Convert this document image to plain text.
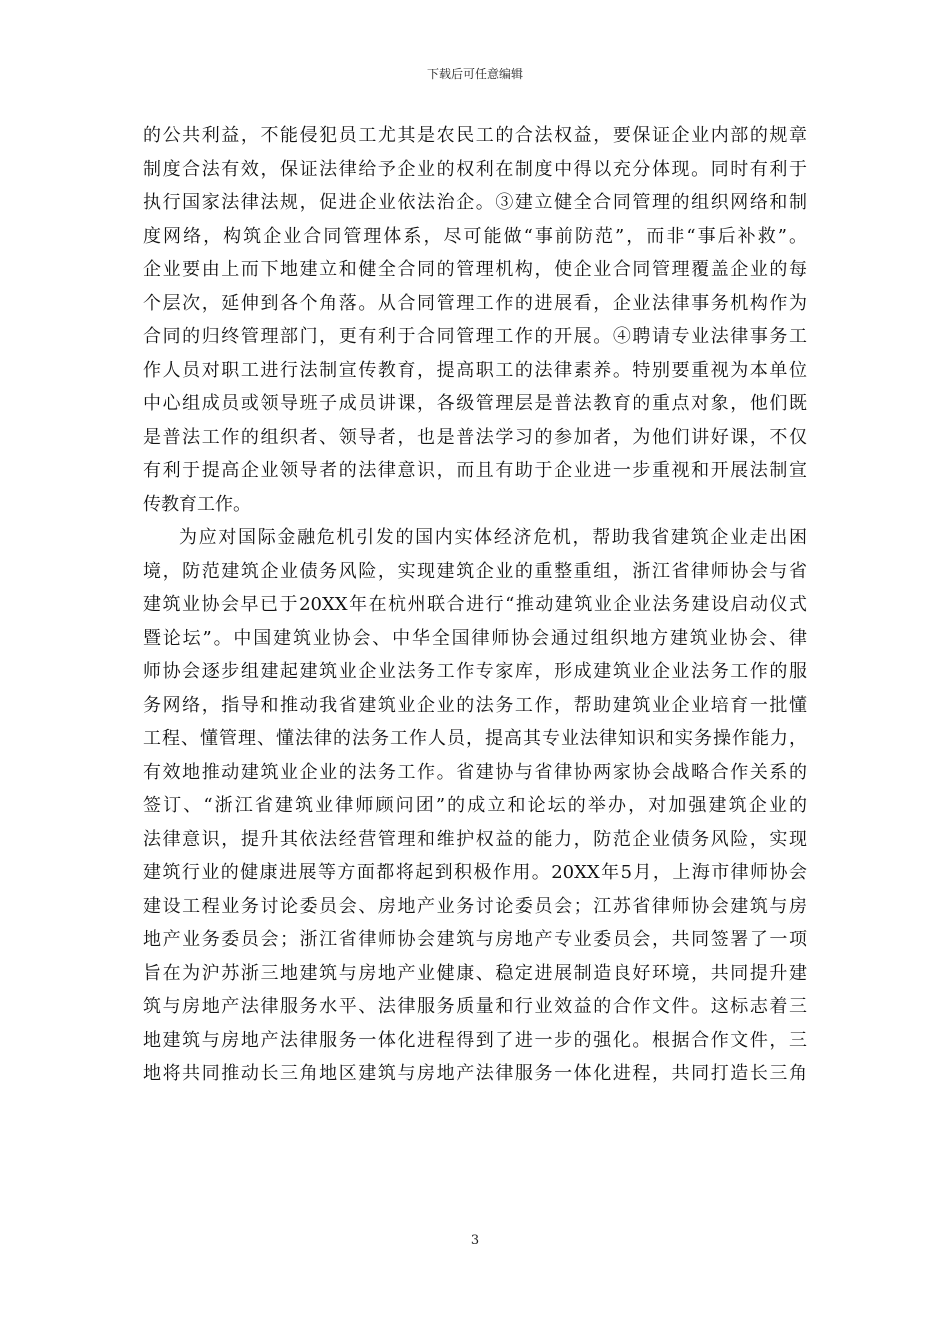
下载后可任意编辑
的公共利益，不能侵犯员工尤其是农民工的合法权益，要保证企业内部的规章
制度合法有效，保证法律给予企业的权利在制度中得以充分体现。同时有利于
执行国家法律法规，促进企业依法治企。③建立健全合同管理的组织网络和制
度网络，构筑企业合同管理体系，尽可能做“事前防范”，而非“事后补救”。
企业要由上而下地建立和健全合同的管理机构，使企业合同管理覆盖企业的每
个层次，延伸到各个角落。从合同管理工作的进展看，企业法律事务机构作为
合同的归终管理部门，更有利于合同管理工作的开展。④聘请专业法律事务工
作人员对职工进行法制宣传教育，提高职工的法律素养。特别要重视为本单位
中心组成员或领导班子成员讲课，各级管理层是普法教育的重点对象，他们既
是普法工作的组织者、领导者，也是普法学习的参加者，为他们讲好课，不仅
有利于提高企业领导者的法律意识，而且有助于企业进一步重视和开展法制宣
传教育工作。
为应对国际金融危机引发的国内实体经济危机，帮助我省建筑企业走出困
境，防范建筑企业债务风险，实现建筑企业的重整重组，浙江省律师协会与省
建筑业协会早已于20XX年在杭州联合进行“推动建筑业企业法务建设启动仪式
暨论坛”。中国建筑业协会、中华全国律师协会通过组织地方建筑业协会、律
师协会逐步组建起建筑业企业法务工作专家库，形成建筑业企业法务工作的服
务网络，指导和推动我省建筑业企业的法务工作，帮助建筑业企业培育一批懂
工程、懂管理、懂法律的法务工作人员，提高其专业法律知识和实务操作能力，
有效地推动建筑业企业的法务工作。省建协与省律协两家协会战略合作关系的
签订、“浙江省建筑业律师顾问团”的成立和论坛的举办，对加强建筑企业的
法律意识，提升其依法经营管理和维护权益的能力，防范企业债务风险，实现
建筑行业的健康进展等方面都将起到积极作用。20XX年5月，上海市律师协会
建设工程业务讨论委员会、房地产业务讨论委员会；江苏省律师协会建筑与房
地产业务委员会；浙江省律师协会建筑与房地产专业委员会，共同签署了一项
旨在为沪苏浙三地建筑与房地产业健康、稳定进展制造良好环境，共同提升建
筑与房地产法律服务水平、法律服务质量和行业效益的合作文件。这标志着三
地建筑与房地产法律服务一体化进程得到了进一步的强化。根据合作文件，三
地将共同推动长三角地区建筑与房地产法律服务一体化进程，共同打造长三角
3
